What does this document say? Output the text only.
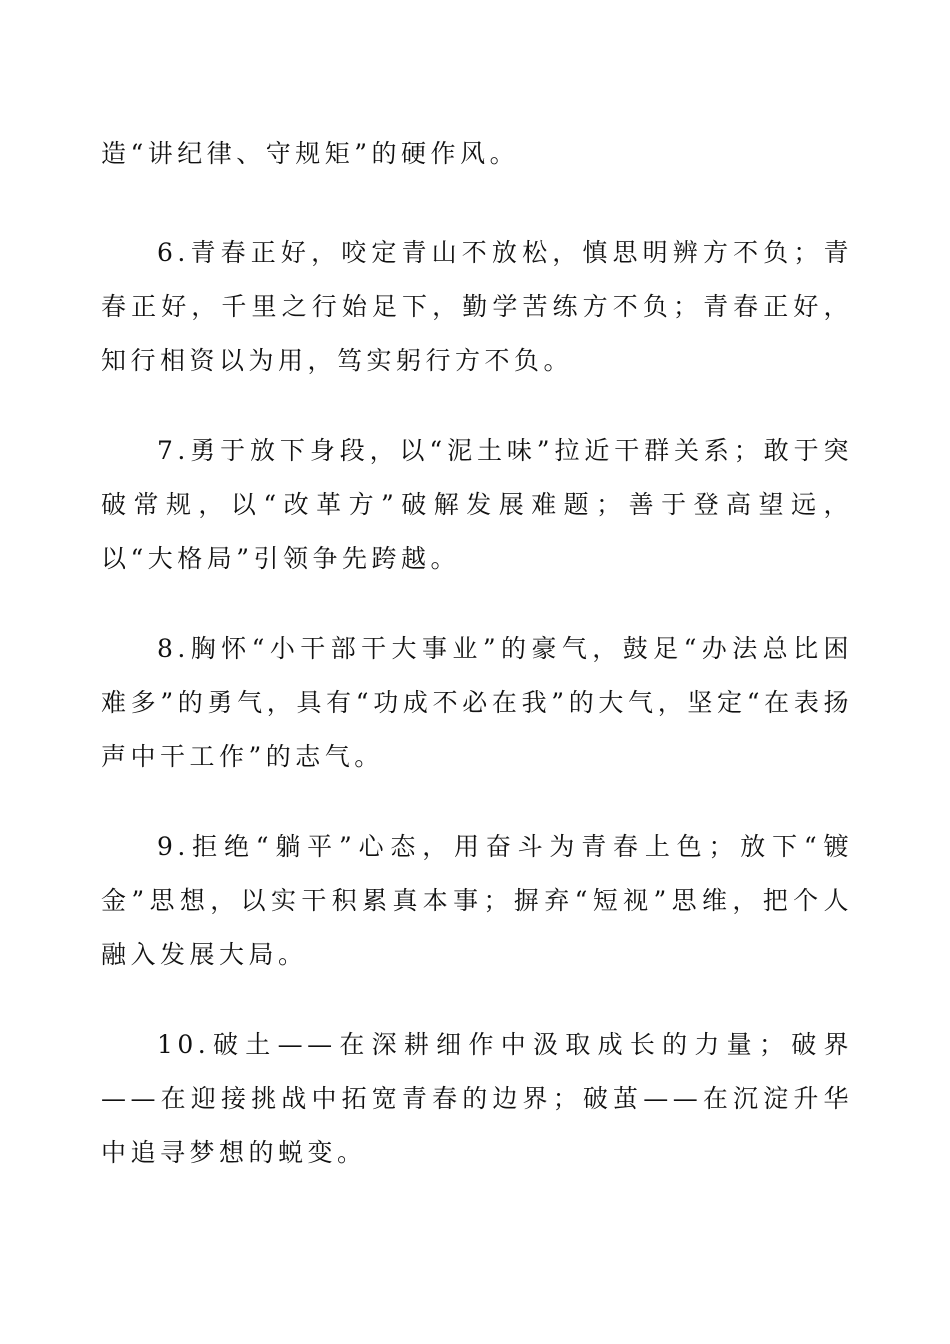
造“讲纪律、守规矩”的硬作风。

6.青春正好，咬定青山不放松，慎思明辨方不负；青春正好，千里之行始足下，勤学苦练方不负；青春正好，知行相资以为用，笃实躬行方不负。

7.勇于放下身段，以“泥土味”拉近干群关系；敢于突破常规，以“改革方”破解发展难题；善于登高望远，以“大格局”引领争先跨越。

8.胸怀“小干部干大事业”的豪气，鼓足“办法总比困难多”的勇气，具有“功成不必在我”的大气，坚定“在表扬声中干工作”的志气。

9.拒绝“躺平”心态，用奋斗为青春上色；放下“镀金”思想，以实干积累真本事；摒弃“短视”思维，把个人融入发展大局。

10.破土——在深耕细作中汲取成长的力量；破界——在迎接挑战中拓宽青春的边界；破茧——在沉淀升华中追寻梦想的蜕变。
